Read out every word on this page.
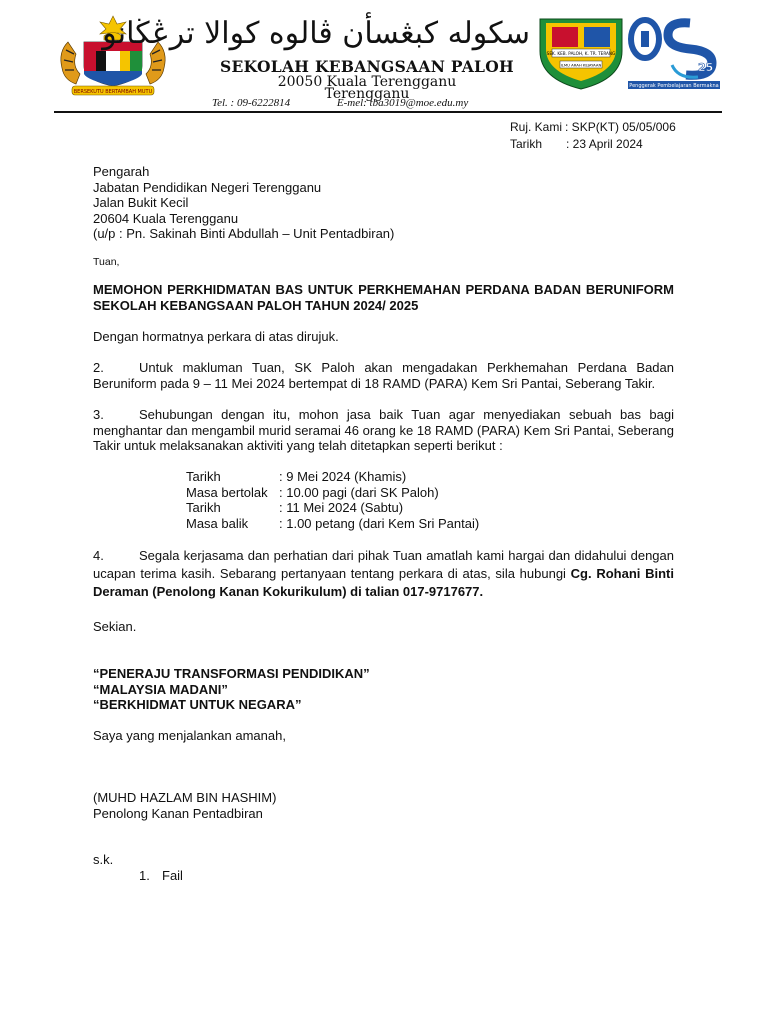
BERSEKUTU BERTAMBAH MUTU
سکوله کبڠسأن ڤالوه كوالا ترڠڬانو
SEKOLAH KEBANGSAAN PALOH
20050 Kuala Terengganu
Terengganu
Tel. : 09-6222814	E-mel: tba3019@moe.edu.my
SEK. KEB. PALOH, K. TR. TERANG
ILMU ARAH KEJAYAAN	25
Penggerak Pembelajaran Bermakna
Ruj. Kami : SKP(KT) 05/05/006
Tarikh	: 23 April 2024
Pengarah
Jabatan Pendidikan Negeri Terengganu
Jalan Bukit Kecil
20604 Kuala Terengganu
(u/p : Pn. Sakinah Binti Abdullah – Unit Pentadbiran)
Tuan,
MEMOHON PERKHIDMATAN BAS UNTUK PERKHEMAHAN PERDANA BADAN BERUNIFORM SEKOLAH KEBANGSAAN PALOH TAHUN 2024/ 2025
Dengan hormatnya perkara di atas dirujuk.
2.	Untuk makluman Tuan, SK Paloh akan mengadakan Perkhemahan Perdana Badan Beruniform pada 9 – 11 Mei 2024 bertempat di 18 RAMD (PARA) Kem Sri Pantai, Seberang Takir.
3.	Sehubungan dengan itu, mohon jasa baik Tuan agar menyediakan sebuah bas bagi menghantar dan mengambil murid seramai 46 orang ke 18 RAMD (PARA) Kem Sri Pantai, Seberang Takir untuk melaksanakan aktiviti yang telah ditetapkan seperti berikut :
Tarikh	: 9 Mei 2024 (Khamis)
Masa bertolak : 10.00 pagi (dari SK Paloh)
Tarikh	: 11 Mei 2024 (Sabtu)
Masa balik	: 1.00 petang (dari Kem Sri Pantai)
4.	Segala kerjasama dan perhatian dari pihak Tuan amatlah kami hargai dan didahului dengan ucapan terima kasih. Sebarang pertanyaan tentang perkara di atas, sila hubungi Cg. Rohani Binti Deraman (Penolong Kanan Kokurikulum) di talian 017-9717677.
Sekian.
“PENERAJU TRANSFORMASI PENDIDIKAN”
“MALAYSIA MADANI”
“BERKHIDMAT UNTUK NEGARA”
Saya yang menjalankan amanah,
(MUHD HAZLAM BIN HASHIM)
Penolong Kanan Pentadbiran
s.k.
1. Fail
